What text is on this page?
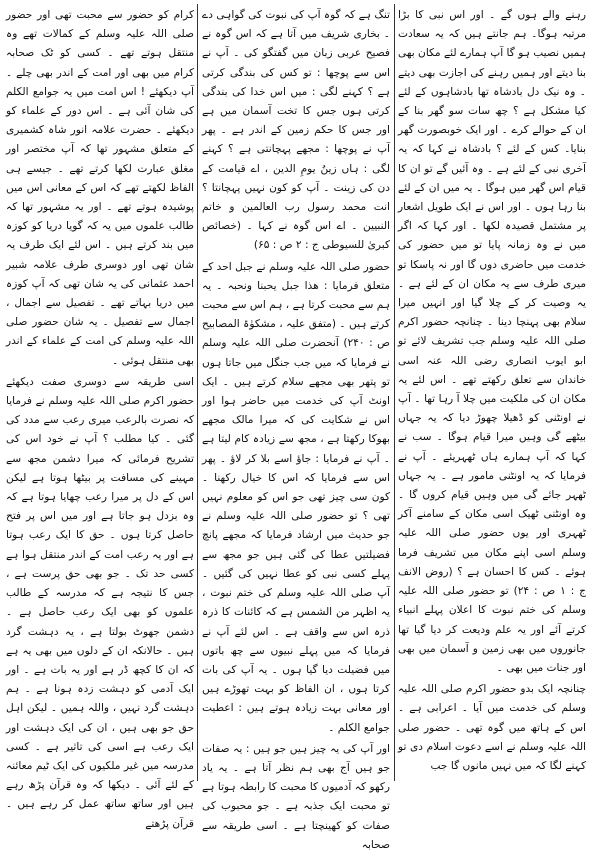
رہنے والے ہوں گے ۔ اور اس نبی کا بڑا مرتبہ ہوگا۔ ہم جانتے ہیں کہ یہ سعادت ہمیں نصیب ہو گا آپ ہمارے لئے مکان بھی بنا دیتے اور ہمیں رہنے کی اجازت بھی دیتے ۔ وہ نیک دل بادشاہ تھا بادشاہوں کے لئے کیا مشکل ہے ؟ چھ سات سو گھر بنا کے ان کے حوالے کرے ۔ اور ایک خوبصورت گھر بنایا۔ کس کے لئے ؟ بادشاہ نے کہا کہ یہ آخری نبی کے لئے ہے ۔ وہ آئیں گے تو ان کا قیام اس گھر میں ہوگا ۔ یہ میں ان کے لئے بنا رہا ہوں ۔ اور اس نے ایک طویل اشعار پر مشتمل قصیدہ لکھا ۔ اور کہا کہ اگر میں نے وہ زمانہ پایا تو میں حضور کی خدمت میں حاضری دوں گا اور نہ پاسکا تو میری طرف سے یہ مکان ان کے لئے ہے ۔ یہ وصیت کر کے چلا گیا اور انہیں میرا سلام بھی پہنچا دینا ۔ چنانچہ حضور اکرم صلی اللہ علیہ وسلم جب تشریف لائے تو ابو ایوب انصاری رضی اللہ عنہ اسی خاندان سے تعلق رکھتے تھے ۔ اس لئے یہ مکان ان کی ملکیت میں چلا آ رہا تھا ۔ آپ نے اونٹنی کو ڈھیلا چھوڑ دیا کہ یہ جہاں بیٹھے گی وہیں میرا قیام ہوگا ۔ سب نے کہا کہ آپ ہمارے ہاں ٹھہریئے ۔ آپ نے فرمایا کہ یہ اونٹنی مامور ہے ۔ یہ جہاں ٹھہر جائے گی میں وہیں قیام کروں گا ۔ وہ اونٹنی ٹھیک اسی مکان کے سامنے آکر ٹھہری اور یوں حضور صلی اللہ علیہ وسلم اسی اپنے مکان میں تشریف فرما ہوئے ۔ کس کا احسان ہے ؟ (روض الانف ج : ۱ ص : ۲۴) تو حضور صلی اللہ علیہ وسلم کی ختم نبوت کا اعلان پہلے انبیاء کرتے آئے اور یہ علم ودیعت کر دیا گیا تھا جانوروں میں بھی زمین و آسمان میں بھی اور جنات میں بھی ۔

چنانچہ ایک بدو حضور اکرم صلی اللہ علیہ وسلم کی خدمت میں آیا ۔ اعرابی ہے ۔ اس کے ہاتھ میں گوہ تھی ۔ حضور صلی اللہ علیہ وسلم نے اسے دعوت اسلام دی تو کہنے لگا کہ میں نہیں مانوں گا جب

تنگ ہے کہ گوہ آپ کی نبوت کی گواہی دے ۔ بخاری شریف میں آتا ہے کہ اس گوہ نے فصیح عربی زبان میں گفتگو کی ۔ آپ نے اس سے پوچھا : تو کس کی بندگی کرتی ہے ؟ کہنے لگی : میں اس خدا کی بندگی کرتی ہوں جس کا تخت آسمان میں ہے اور جس کا حکم زمین کے اندر ہے ۔ پھر آپ نے پوچھا : مجھے پہچانتی ہے ؟ کہنے لگی : ہاں زینُ یومِ الدین ، اے قیامت کے دن کی زینت ۔ آپ کو کون نہیں پہچانتا ؟ انت محمد رسول رب العالمین و خاتم النبیین ۔ اے اس گوہ نے کہا ۔ (خصائص کبریٰ للسیوطی ج : ۲ ص : ۶۵)

حضور صلی اللہ علیہ وسلم نے جبل احد کے متعلق فرمایا : ھذا جبل یحبنا ونحبہ ۔ یہ ہم سے محبت کرتا ہے ، ہم اس سے محبت کرتے ہیں ۔ (متفق علیہ ، مشکوٰۃ المصابیح ص : ۲۴۰) آنحضرت صلی اللہ علیہ وسلم نے فرمایا کہ میں جب جنگل میں جاتا ہوں تو پتھر بھی مجھے سلام کرتے ہیں ۔ ایک اونٹ آپ کی خدمت میں حاضر ہوا اور اس نے شکایت کی کہ میرا مالک مجھے بھوکا رکھتا ہے ، مجھ سے زیادہ کام لیتا ہے ۔ آپ نے فرمایا : جاؤ اسے بلا کر لاؤ ۔ پھر اس سے فرمایا کہ اس کا خیال رکھنا ۔ کون سی چیز تھی جو اس کو معلوم نہیں تھی ؟ تو حضور صلی اللہ علیہ وسلم نے جو حدیث میں ارشاد فرمایا کہ مجھے پانچ فضیلتیں عطا کی گئی ہیں جو مجھ سے پہلے کسی نبی کو عطا نہیں کی گئیں ۔ آپ صلی اللہ علیہ وسلم کی ختم نبوت ، یہ اظہر من الشمس ہے کہ کائنات کا ذرہ ذرہ اس سے واقف ہے ۔ اس لئے آپ نے فرمایا کہ میں پہلے نبیوں سے چھ باتوں میں فضیلت دیا گیا ہوں ۔ یہ آپ کی بات کرتا ہوں ، ان الفاظ کو بہت تھوڑے ہیں اور معانی بہت زیادہ ہوتے ہیں : اعطیت جوامع الکلم ۔

اور آپ کی یہ چیز ہیں جو ہیں : یہ صفات جو ہیں آج بھی ہم نظر آتا ہے ۔ یہ یاد رکھو کہ آدمیوں کا محبت کا رابطہ ہوتا ہے تو محبت ایک جذبہ ہے ۔ جو محبوب کی صفات کو کھینچتا ہے ۔ اسی طریقہ سے صحابہ

کرام کو حضور سے محبت تھی اور حضور صلی اللہ علیہ وسلم کے کمالات تھے وہ منتقل ہوتے تھے ۔ کسی کو ٹک صحابہ کرام میں بھی اور امت کے اندر بھی چلے ۔ آپ دیکھئے ! اس امت میں یہ جوامع الکلم کی شان آئی ہے ۔ اس دور کے علماء کو دیکھئے ۔ حضرت علامہ انور شاہ کشمیری کے متعلق مشہور تھا کہ آپ مختصر اور مغلق عبارت لکھا کرتے تھے ۔ جیسے ہی الفاظ لکھتے تھے کہ اس کے معانی اس میں پوشیدہ ہوتے تھے ۔ اور یہ مشہور تھا کہ طالب علموں میں یہ کہ گویا دریا کو کوزہ میں بند کرتے ہیں ۔ اس لئے ایک طرف یہ شان تھی اور دوسری طرف علامہ شبیر احمد عثمانی کی یہ شان تھی کہ آپ کوزہ میں دریا بہاتے تھے ۔ تفصیل سے اجمال ، اجمال سے تفصیل ۔ یہ شان حضور صلی اللہ علیہ وسلم کی امت کے علماء کے اندر بھی منتقل ہوئی ۔

اسی طریقہ سے دوسری صفت دیکھئے حضور اکرم صلی اللہ علیہ وسلم نے فرمایا کہ نصرت بالرعب میری رعب سے مدد کی گئی ۔ کیا مطلب ؟ آپ نے خود اس کی تشریح فرمائی کہ میرا دشمن مجھ سے مہینے کی مسافت پر بیٹھا ہوتا ہے لیکن اس کے دل پر میرا رعب چھایا ہوتا ہے کہ وہ بزدل ہو جاتا ہے اور میں اس پر فتح حاصل کرتا ہوں ۔ حق کا ایک رعب ہوتا ہے اور یہ رعب امت کے اندر منتقل ہوا ہے کسی حد تک ۔ جو بھی حق پرست ہے ، جس کا نتیجہ ہے کہ مدرسہ کے طالب علموں کو بھی ایک رعب حاصل ہے ۔ دشمن جھوٹ بولتا ہے ، یہ دہشت گرد ہیں ۔ حالانکہ ان کے دلوں میں بھی یہ ہے کہ ان کا کچھ ڈر ہے اور یہ بات ہے ۔ اور ایک آدمی کو دہشت زدہ ہونا ہے ۔ ہم دہشت گرد نہیں ، واللہ ہمیں ۔ لیکن اہل حق جو بھی ہیں ، ان کی ایک دہشت اور ایک رعب ہے اسی کی تاثیر ہے ۔ کسی مدرسہ میں غیر ملکیوں کی ایک ٹیم معائنہ کے لئے آئی ۔ دیکھا کہ وہ قرآن پڑھ رہے ہیں اور ساتھ ساتھ عمل کر رہے ہیں ۔ قرآن پڑھتے
